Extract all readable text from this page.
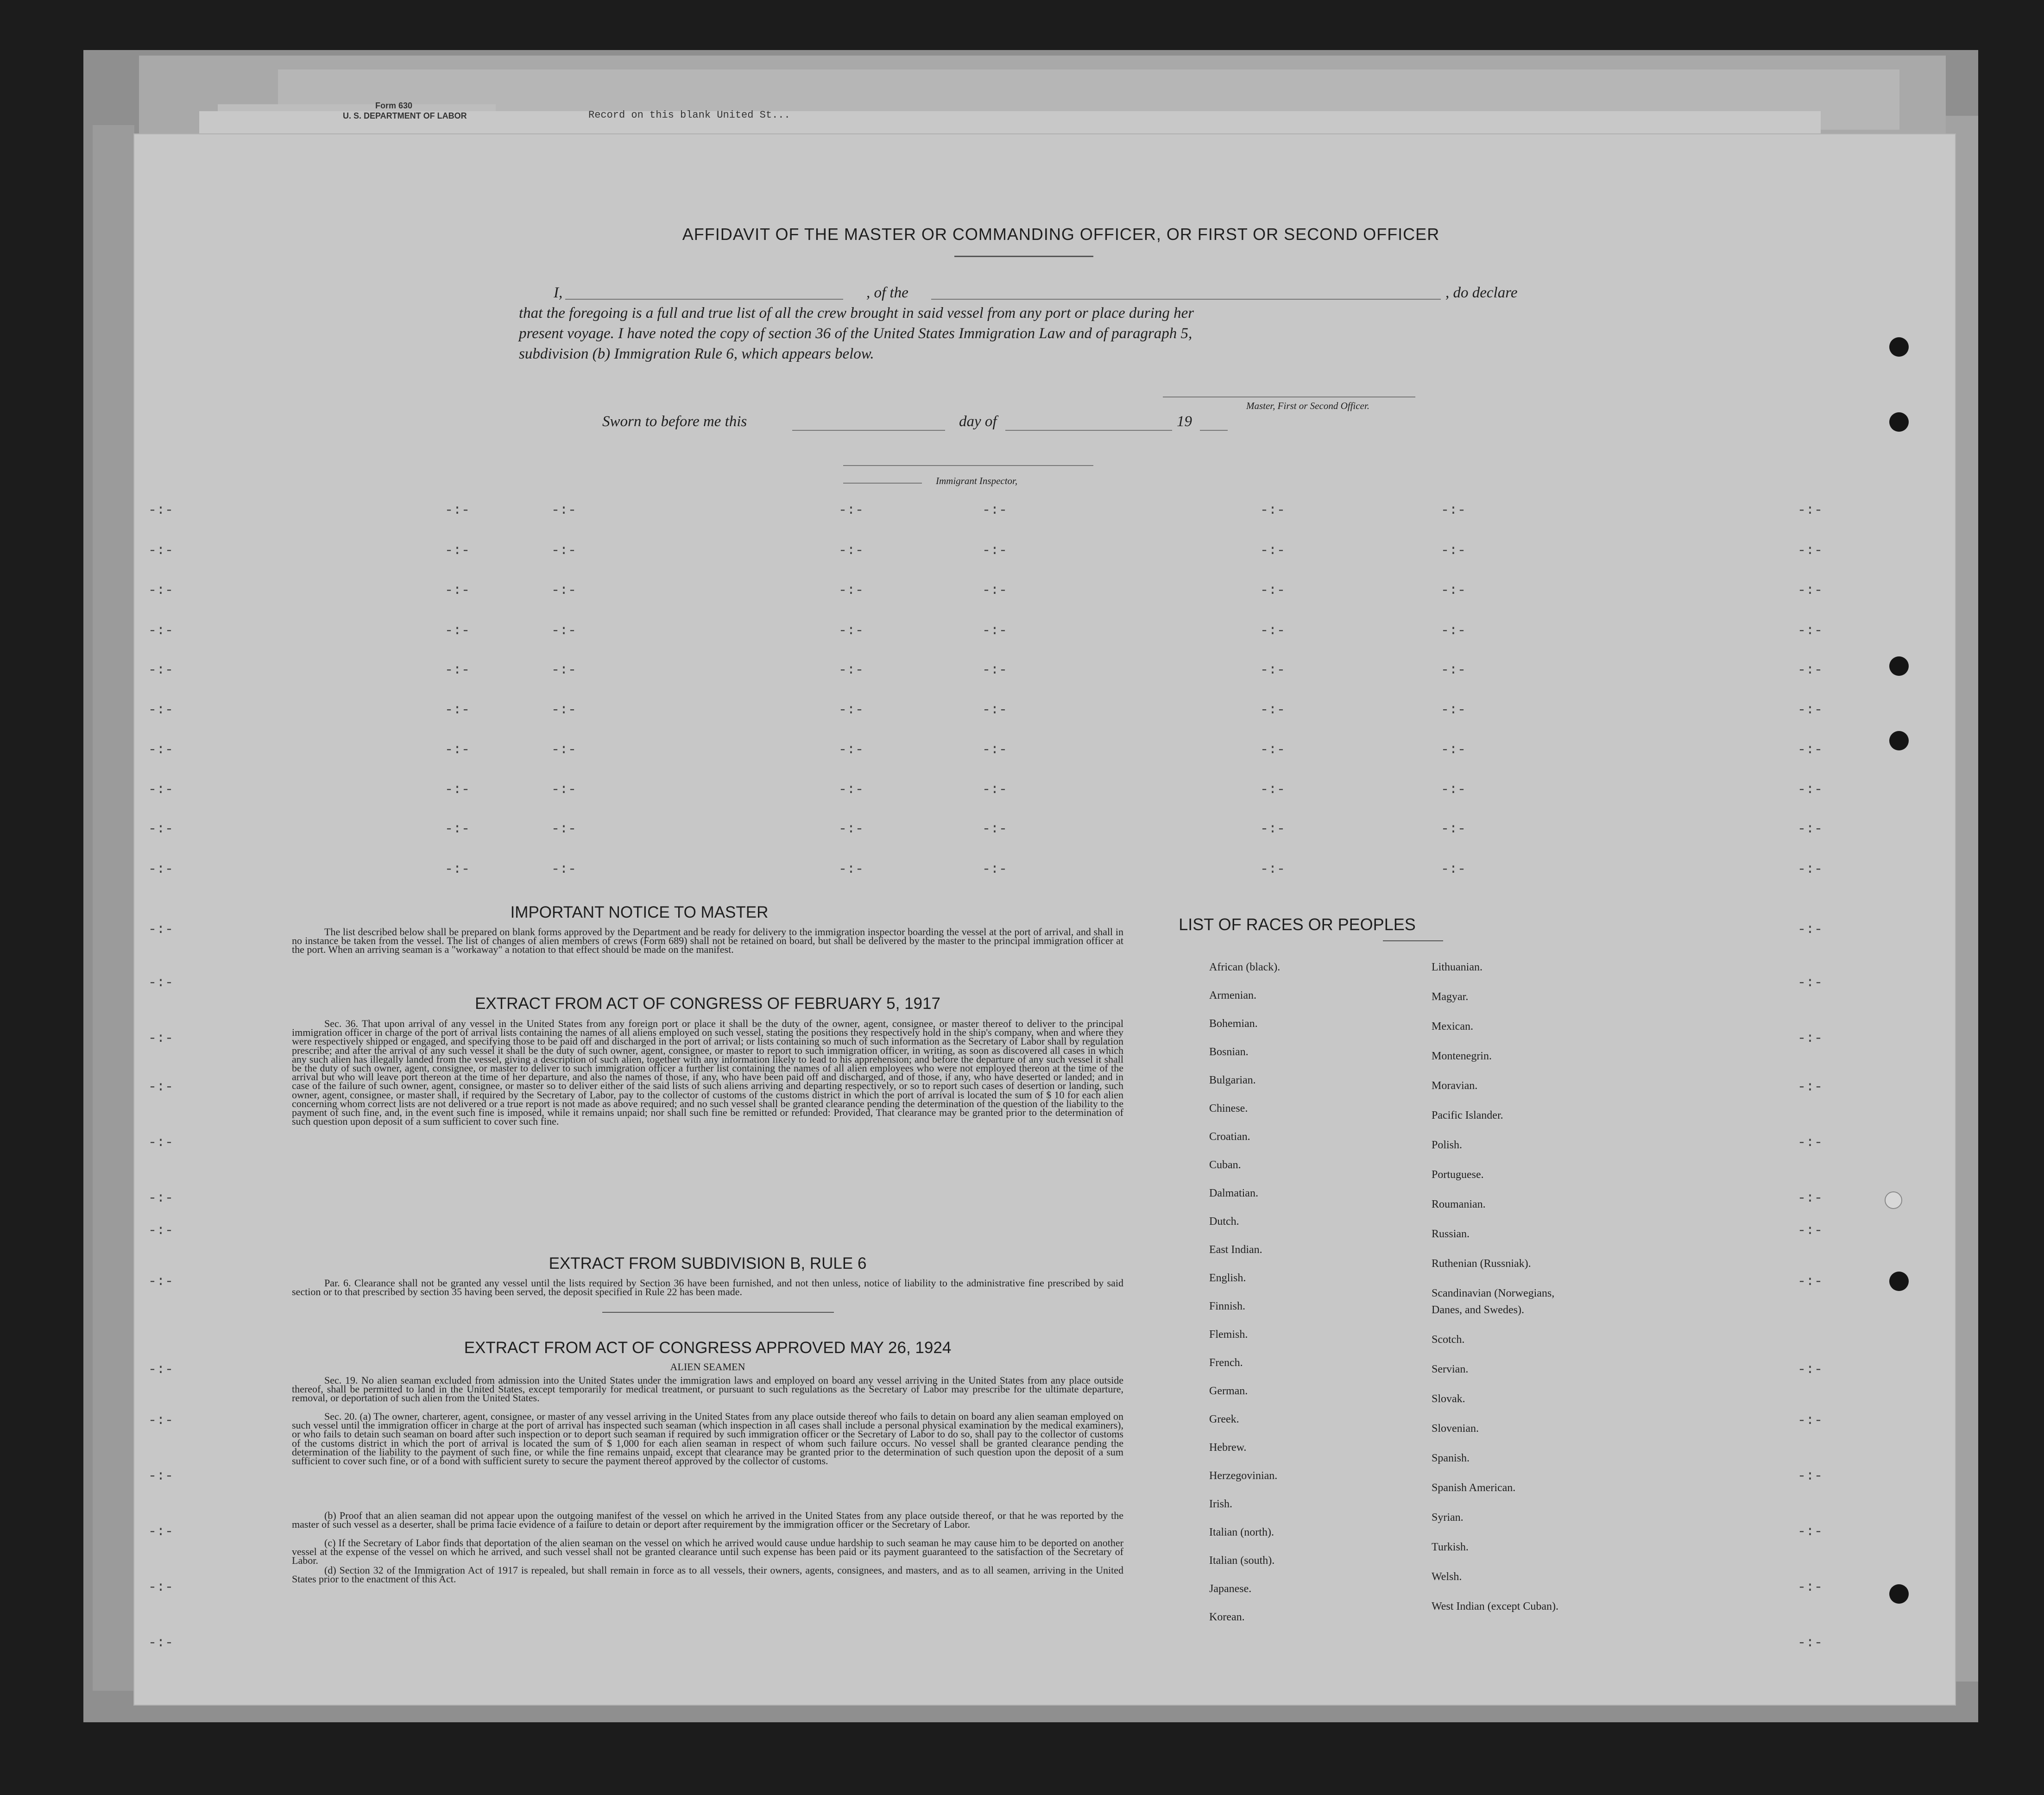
Form 630
U. S. DEPARTMENT OF LABOR	Record on this blank United St...
AFFIDAVIT OF THE MASTER OR COMMANDING OFFICER, OR FIRST OR SECOND OFFICER
I,	, of the	, do declare
that the foregoing is a full and true list of all the crew brought in said vessel from any port or place during her
present voyage. I have noted the copy of section 36 of the United States Immigration Law and of paragraph 5,
subdivision (b) Immigration Rule 6, which appears below.
Master, First or Second Officer.
Sworn to before me this	day of	19
Immigrant Inspector,
-:-	-:-	-:-	-:-	-:-	-:-	-:-	-:-
-:-	-:-	-:-	-:-	-:-	-:-	-:-	-:-
-:-	-:-	-:-	-:-	-:-	-:-	-:-	-:-
-:-	-:-	-:-	-:-	-:-	-:-	-:-	-:-
-:-	-:-	-:-	-:-	-:-	-:-	-:-	-:-
-:-	-:-	-:-	-:-	-:-	-:-	-:-	-:-
-:-	-:-	-:-	-:-	-:-	-:-	-:-	-:-
-:-	-:-	-:-	-:-	-:-	-:-	-:-	-:-
-:-	-:-	-:-	-:-	-:-	-:-	-:-	-:-
-:-	-:-	-:-	-:-	-:-	-:-	-:-	-:-
-:-	-:-
-:-	-:-
-:-	-:-
-:-	-:-
-:-	-:-
-:-	-:-
-:-	-:-
-:-	-:-
-:-	-:-
-:-	-:-
-:-	-:-
-:-	-:-
-:-	-:-
-:-	-:-
IMPORTANT NOTICE TO MASTER
The list described below shall be prepared on blank forms approved by the Department and be ready for delivery to the immigration inspector boarding the vessel at the port of arrival, and shall in no instance be taken from the vessel. The list of changes of alien members of crews (Form 689) shall not be retained on board, but shall be delivered by the master to the principal immigration officer at the port. When an arriving seaman is a "workaway" a notation to that effect should be made on the manifest.
EXTRACT FROM ACT OF CONGRESS OF FEBRUARY 5, 1917
Sec. 36. That upon arrival of any vessel in the United States from any foreign port or place it shall be the duty of the owner, agent, consignee, or master thereof to deliver to the principal immigration officer in charge of the port of arrival lists containing the names of all aliens employed on such vessel, stating the positions they respectively hold in the ship's company, when and where they were respectively shipped or engaged, and specifying those to be paid off and discharged in the port of arrival; or lists containing so much of such information as the Secretary of Labor shall by regulation prescribe; and after the arrival of any such vessel it shall be the duty of such owner, agent, consignee, or master to report to such immigration officer, in writing, as soon as discovered all cases in which any such alien has illegally landed from the vessel, giving a description of such alien, together with any information likely to lead to his apprehension; and before the departure of any such vessel it shall be the duty of such owner, agent, consignee, or master to deliver to such immigration officer a further list containing the names of all alien employees who were not employed thereon at the time of the arrival but who will leave port thereon at the time of her departure, and also the names of those, if any, who have been paid off and discharged, and of those, if any, who have deserted or landed; and in case of the failure of such owner, agent, consignee, or master so to deliver either of the said lists of such aliens arriving and departing respectively, or so to report such cases of desertion or landing, such owner, agent, consignee, or master shall, if required by the Secretary of Labor, pay to the collector of customs of the customs district in which the port of arrival is located the sum of $ 10 for each alien concerning whom correct lists are not delivered or a true report is not made as above required; and no such vessel shall be granted clearance pending the determination of the question of the liability to the payment of such fine, and, in the event such fine is imposed, while it remains unpaid; nor shall such fine be remitted or refunded: Provided, That clearance may be granted prior to the determination of such question upon deposit of a sum sufficient to cover such fine.
EXTRACT FROM SUBDIVISION B, RULE 6
Par. 6. Clearance shall not be granted any vessel until the lists required by Section 36 have been furnished, and not then unless, notice of liability to the administrative fine prescribed by said section or to that prescribed by section 35 having been served, the deposit specified in Rule 22 has been made.
EXTRACT FROM ACT OF CONGRESS APPROVED MAY 26, 1924
ALIEN SEAMEN
Sec. 19. No alien seaman excluded from admission into the United States under the immigration laws and employed on board any vessel arriving in the United States from any place outside thereof, shall be permitted to land in the United States, except temporarily for medical treatment, or pursuant to such regulations as the Secretary of Labor may prescribe for the ultimate departure, removal, or deportation of such alien from the United States.
Sec. 20. (a) The owner, charterer, agent, consignee, or master of any vessel arriving in the United States from any place outside thereof who fails to detain on board any alien seaman employed on such vessel until the immigration officer in charge at the port of arrival has inspected such seaman (which inspection in all cases shall include a personal physical examination by the medical examiners), or who fails to detain such seaman on board after such inspection or to deport such seaman if required by such immigration officer or the Secretary of Labor to do so, shall pay to the collector of customs of the customs district in which the port of arrival is located the sum of $ 1,000 for each alien seaman in respect of whom such failure occurs. No vessel shall be granted clearance pending the determination of the liability to the payment of such fine, or while the fine remains unpaid, except that clearance may be granted prior to the determination of such question upon the deposit of a sum sufficient to cover such fine, or of a bond with sufficient surety to secure the payment thereof approved by the collector of customs.
(b) Proof that an alien seaman did not appear upon the outgoing manifest of the vessel on which he arrived in the United States from any place outside thereof, or that he was reported by the master of such vessel as a deserter, shall be prima facie evidence of a failure to detain or deport after requirement by the immigration officer or the Secretary of Labor.
(c) If the Secretary of Labor finds that deportation of the alien seaman on the vessel on which he arrived would cause undue hardship to such seaman he may cause him to be deported on another vessel at the expense of the vessel on which he arrived, and such vessel shall not be granted clearance until such expense has been paid or its payment guaranteed to the satisfaction of the Secretary of Labor.
(d) Section 32 of the Immigration Act of 1917 is repealed, but shall remain in force as to all vessels, their owners, agents, consignees, and masters, and as to all seamen, arriving in the United States prior to the enactment of this Act.
LIST OF RACES OR PEOPLES
African (black).
Armenian.
Bohemian.
Bosnian.
Bulgarian.
Chinese.
Croatian.
Cuban.
Dalmatian.
Dutch.
East Indian.
English.
Finnish.
Flemish.
French.
German.
Greek.
Hebrew.
Herzegovinian.
Irish.
Italian (north).
Italian (south).
Japanese.
Korean.
Lithuanian.
Magyar.
Mexican.
Montenegrin.
Moravian.
Pacific Islander.
Polish.
Portuguese.
Roumanian.
Russian.
Ruthenian (Russniak).
Scandinavian (Norwegians,
Danes, and Swedes).
Scotch.
Servian.
Slovak.
Slovenian.
Spanish.
Spanish American.
Syrian.
Turkish.
Welsh.
West Indian (except Cuban).
